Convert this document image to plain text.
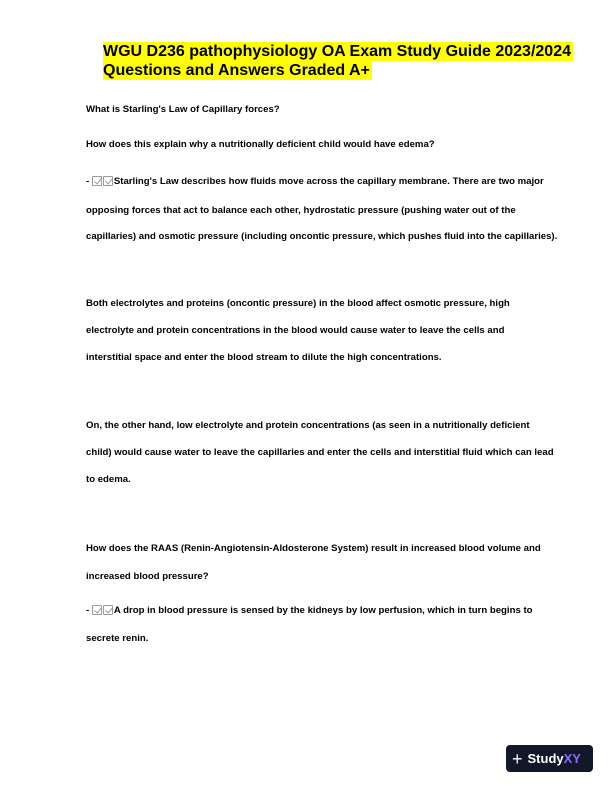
WGU D236 pathophysiology OA Exam Study Guide 2023/2024
Questions and Answers Graded A+

What is Starling's Law of Capillary forces?

How does this explain why a nutritionally deficient child would have edema?

-	Starling's Law describes how fluids move across the capillary membrane. There are two major

opposing forces that act to balance each other, hydrostatic pressure (pushing water out of the

capillaries) and osmotic pressure (including oncontic pressure, which pushes fluid into the capillaries).

Both electrolytes and proteins (oncontic pressure) in the blood affect osmotic pressure, high

electrolyte and protein concentrations in the blood would cause water to leave the cells and

interstitial space and enter the blood stream to dilute the high concentrations.

On, the other hand, low electrolyte and protein concentrations (as seen in a nutritionally deficient

child) would cause water to leave the capillaries and enter the cells and interstitial fluid which can lead

to edema.

How does the RAAS (Renin-Angiotensin-Aldosterone System) result in increased blood volume and

increased blood pressure?

-	A drop in blood pressure is sensed by the kidneys by low perfusion, which in turn begins to

secrete renin.

+ Study XY
